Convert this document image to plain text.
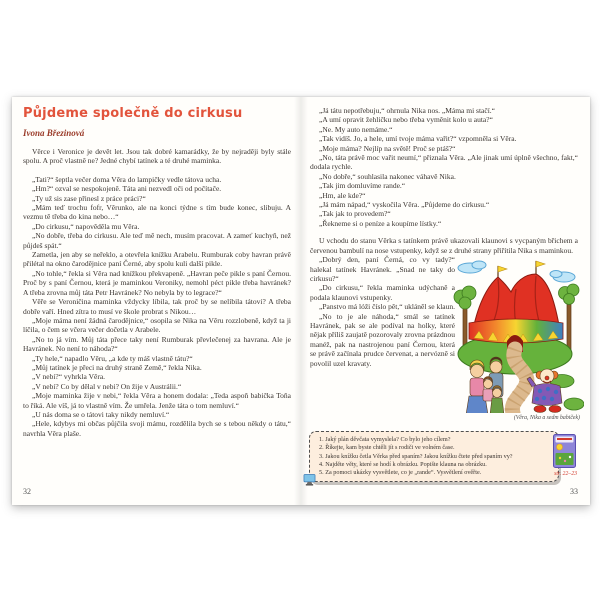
Půjdeme společně do cirkusu
Ivona Březinová

Věrce i Veronice je devět let. Jsou tak dobré kamarádky, že by nejraději byly stále spolu. A proč vlastně ne? Jedné chybí tatínek a té druhé maminka.

„Tati?“ šeptla večer doma Věra do lampičky vedle tátova ucha.

„Hm?“ ozval se nespokojeně. Táta ani nezvedl oči od počítače.

„Ty už sis zase přinesl z práce práci?“

„Mám teď trochu fofr, Věrunko, ale na konci týdne s tím bude konec, slibuju. A vezmu tě třeba do kina nebo…“

„Do cirkusu,“ napověděla mu Věra.

„No dobře, třeba do cirkusu. Ale teď mě nech, musím pracovat. A zameť kuchyň, než půjdeš spát.“

Zametla, jen aby se neřeklo, a otevřela knížku Arabelu. Rumburak coby havran právě přilétal na okno čarodějnice paní Černé, aby spolu kuli další pikle.

„No tohle,“ řekla si Věra nad knížkou překvapeně. „Havran peče pikle s paní Černou. Proč by s paní Černou, která je maminkou Veroniky, nemohl péct pikle třeba havránek? A třeba zrovna můj táta Petr Havránek? No nebyla by to legrace?“

Věře se Veroničina maminka vždycky líbila, tak proč by se nelíbila tátovi? A třeba dobře vaří. Hned zítra to musí ve škole probrat s Nikou…

„Moje máma není žádná čarodějnice,“ osopila se Nika na Věru rozzlobeně, když ta ji líčila, o čem se včera večer dočetla v Arabele.

„No to já vím. Můj táta přece taky není Rumburak převlečenej za havrana. Ale je Havránek. No není to náhoda?“

„Ty hele,“ napadlo Věru, „a kde ty máš vlastně tátu?“

„Můj tatínek je přeci na druhý straně Země,“ řekla Nika.

„V nebi?“ vyhrkla Věra.

„V nebi? Co by dělal v nebi? On žije v Austrálii.“

„Moje maminka žije v nebi,“ řekla Věra a honem dodala: „Teda aspoň babička Toňa to říká. Ale víš, já to vlastně vím. Že umřela. Jenže táta o tom nemluví.“

„U nás doma se o tátovi taky nikdy nemluví.“

„Hele, kdybys mi občas půjčila svoji mámu, rozdělila bych se s tebou někdy o tátu,“ navrhla Věra plaše.

32

„Já tátu nepotřebuju,“ ohrnula Nika nos. „Máma mi stačí.“

„A umí opravit žehličku nebo třeba vyměnit kolo u auta?“

„Ne. My auto nemáme.“

„Tak vidíš. Jo, a hele, umí tvoje máma vařit?“ vzpomněla si Věra.

„Moje máma? Nejlíp na světě! Proč se ptáš?“

„No, táta právě moc vařit neumí,“ přiznala Věra. „Ale jinak umí úplně všechno, fakt,“ dodala rychle.

„No dobře,“ souhlasila nakonec váhavě Nika.

„Tak jim domluvíme rande.“

„Hm, ale kde?“

„Já mám nápad,“ vyskočila Věra. „Půjdeme do cirkusu.“

„Tak jak to provedem?“

„Řekneme si o peníze a koupíme lístky.“

U vchodu do stanu Věrka s tatínkem právě ukazovali klaunovi s vycpaným břichem a červenou bambulí na nose vstupenky, když se z druhé strany přiřítila Nika s maminkou.

„Dobrý den, paní Černá, co vy tady?“ halekal tatínek Havránek. „Snad ne taky do cirkusu?“

„Do cirkusu,“ řekla maminka udýchaně a podala klaunovi vstupenky.

„Panstvo má lóži číslo pět,“ ukláněl se klaun.

„No to je ale náhoda,“ smál se tatínek Havránek, pak se ale podíval na holky, které nějak příliš zaujatě pozorovaly zrovna prázdnou manéž, pak na nastrojenou paní Černou, která se právě začínala prudce červenat, a nervózně si povolil uzel kravaty.

(Věra, Nika a sedm babiček)

1. Jaký plán děvčata vymyslela? Co bylo jeho cílem?

2. Říkejte, kam byste chtěli jít s rodiči ve volném čase.

3. Jakou knížku četla Věrka před spaním? Jakou knížku čtete před spaním vy?

4. Najděte věty, které se hodí k obrázku. Popište klauna na obrázku.

5. Za pomoci ukázky vysvětlete, co je „rande“. Vysvětlení ověřte.	str. 22–23
33
